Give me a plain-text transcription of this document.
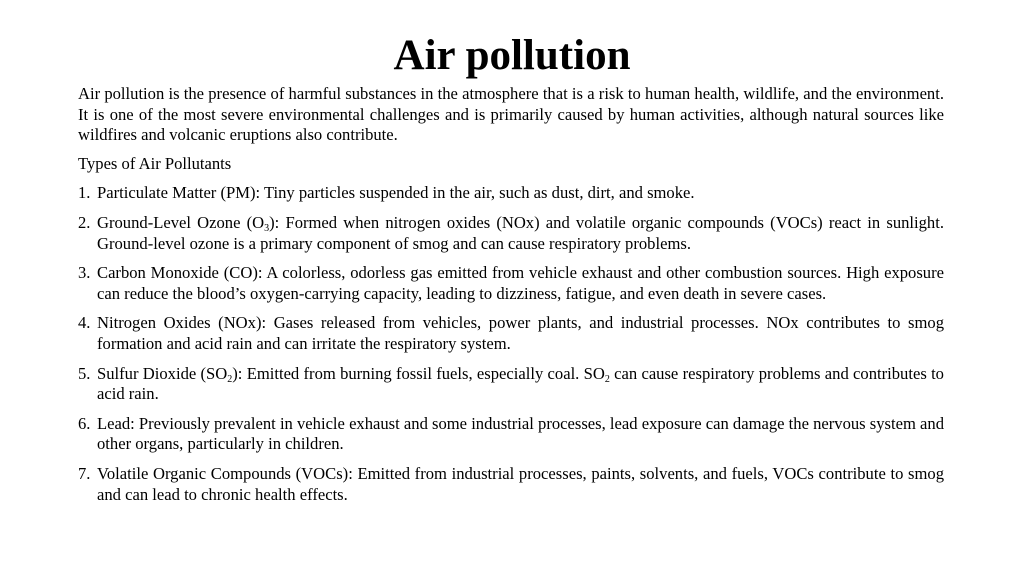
Air pollution

Air pollution is the presence of harmful substances in the atmosphere that is a risk to human health, wildlife, and the environment. It is one of the most severe environmental challenges and is primarily caused by human activities, although natural sources like wildfires and volcanic eruptions also contribute.

Types of Air Pollutants

1. Particulate Matter (PM): Tiny particles suspended in the air, such as dust, dirt, and smoke.
2. Ground-Level Ozone $(O_3)$: Formed when nitrogen oxides (NOx) and volatile organic compounds (VOCs) react in sunlight. Ground-level ozone is a primary component of smog and can cause respiratory problems.
3. Carbon Monoxide (CO): A colorless, odorless gas emitted from vehicle exhaust and other combustion sources. High exposure can reduce the blood’s oxygen-carrying capacity, leading to dizziness, fatigue, and even death in severe cases.
4. Nitrogen Oxides (NOx): Gases released from vehicles, power plants, and industrial processes. NOx contributes to smog formation and acid rain and can irritate the respiratory system.
5. Sulfur Dioxide $(SO_2)$: Emitted from burning fossil fuels, especially coal. $SO_2$ can cause respiratory problems and contributes to acid rain.
6. Lead: Previously prevalent in vehicle exhaust and some industrial processes, lead exposure can damage the nervous system and other organs, particularly in children.
7. Volatile Organic Compounds (VOCs): Emitted from industrial processes, paints, solvents, and fuels, VOCs contribute to smog and can lead to chronic health effects.
